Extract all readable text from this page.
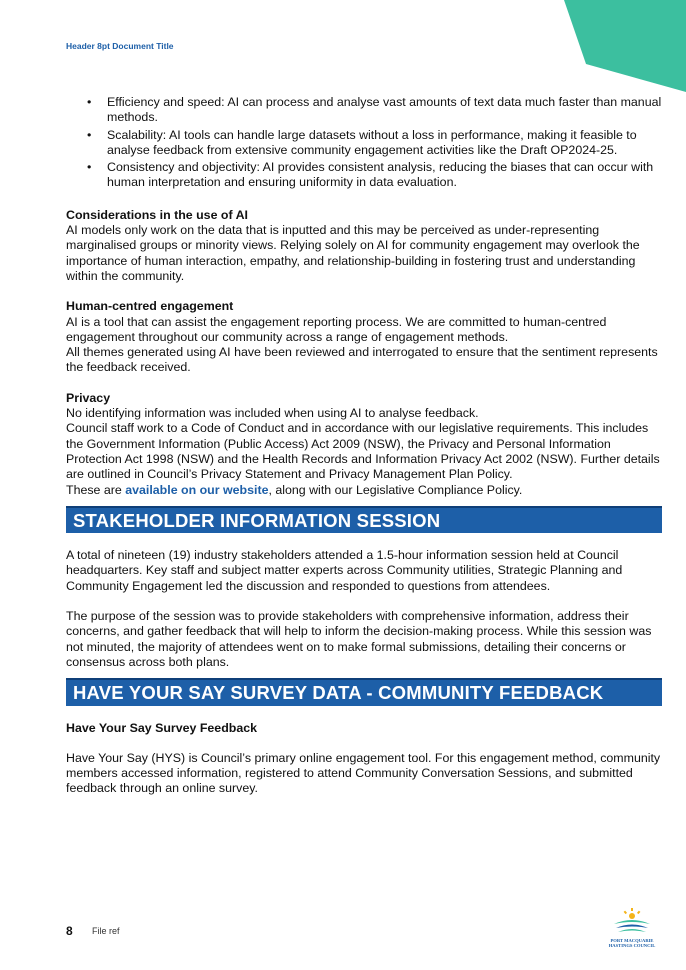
Header 8pt Document Title
• Efficiency and speed: AI can process and analyse vast amounts of text data much faster than manual methods.
• Scalability: AI tools can handle large datasets without a loss in performance, making it feasible to analyse feedback from extensive community engagement activities like the Draft OP2024-25.
• Consistency and objectivity: AI provides consistent analysis, reducing the biases that can occur with human interpretation and ensuring uniformity in data evaluation.

Considerations in the use of AI

AI models only work on the data that is inputted and this may be perceived as under-representing marginalised groups or minority views. Relying solely on AI for community engagement may overlook the importance of human interaction, empathy, and relationship-building in fostering trust and understanding within the community.

Human-centred engagement

AI is a tool that can assist the engagement reporting process. We are committed to human-centred engagement throughout our community across a range of engagement methods.

All themes generated using AI have been reviewed and interrogated to ensure that the sentiment represents the feedback received.

Privacy

No identifying information was included when using AI to analyse feedback.

Council staff work to a Code of Conduct and in accordance with our legislative requirements. This includes the Government Information (Public Access) Act 2009 (NSW), the Privacy and Personal Information Protection Act 1998 (NSW) and the Health Records and Information Privacy Act 2002 (NSW). Further details are outlined in Council’s Privacy Statement and Privacy Management Plan Policy.

These are available on our website, along with our Legislative Compliance Policy.

STAKEHOLDER INFORMATION SESSION

A total of nineteen (19) industry stakeholders attended a 1.5-hour information session held at Council headquarters. Key staff and subject matter experts across Community utilities, Strategic Planning and Community Engagement led the discussion and responded to questions from attendees.

The purpose of the session was to provide stakeholders with comprehensive information, address their concerns, and gather feedback that will help to inform the decision-making process. While this session was not minuted, the majority of attendees went on to make formal submissions, detailing their concerns or consensus across both plans.

HAVE YOUR SAY SURVEY DATA - COMMUNITY FEEDBACK

Have Your Say Survey Feedback

Have Your Say (HYS) is Council’s primary online engagement tool. For this engagement method, community members accessed information, registered to attend Community Conversation Sessions, and submitted feedback through an online survey.

8 File ref
PORT MACQUARIE
HASTINGS COUNCIL
